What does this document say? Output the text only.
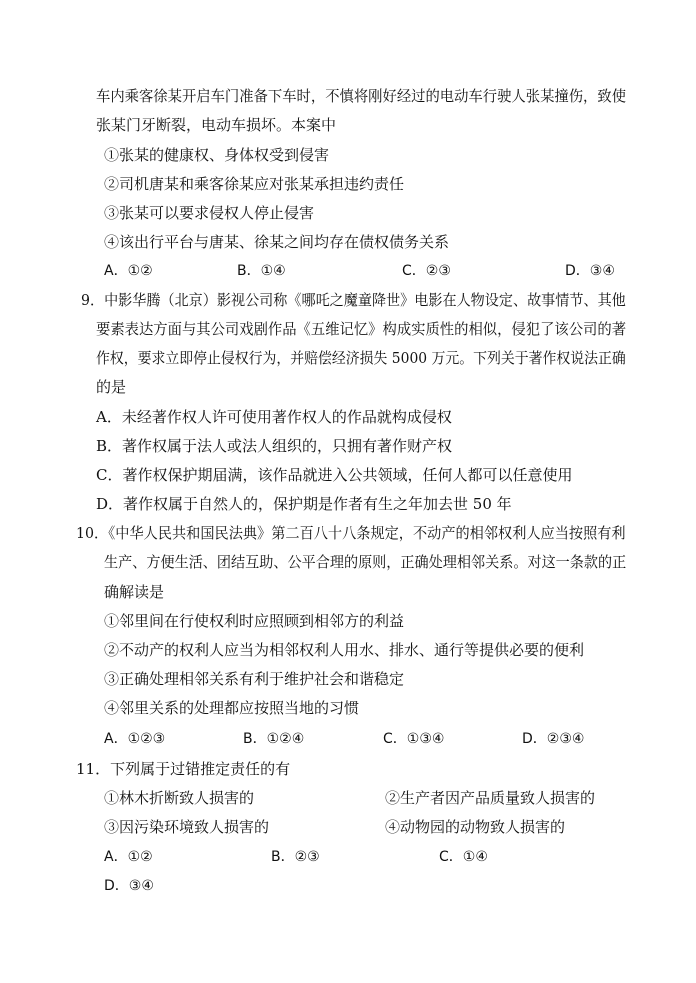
车内乘客徐某开启车门准备下车时，不慎将刚好经过的电动车行驶人张某撞伤，致使
张某门牙断裂，电动车损坏。本案中
①张某的健康权、身体权受到侵害
②司机唐某和乘客徐某应对张某承担违约责任
③张某可以要求侵权人停止侵害
④该出行平台与唐某、徐某之间均存在债权债务关系
A．①②	B．①④	C．②③	D．③④
9．中影华腾（北京）影视公司称《哪吒之魔童降世》电影在人物设定、故事情节、其他
要素表达方面与其公司戏剧作品《五维记忆》构成实质性的相似，侵犯了该公司的著
作权，要求立即停止侵权行为，并赔偿经济损失 5000 万元。下列关于著作权说法正确
的是
A．未经著作权人许可使用著作权人的作品就构成侵权
B．著作权属于法人或法人组织的，只拥有著作财产权
C．著作权保护期届满，该作品就进入公共领域，任何人都可以任意使用
D．著作权属于自然人的，保护期是作者有生之年加去世 50 年
10．《中华人民共和国民法典》第二百八十八条规定，不动产的相邻权利人应当按照有利
生产、方便生活、团结互助、公平合理的原则，正确处理相邻关系。对这一条款的正
确解读是
①邻里间在行使权利时应照顾到相邻方的利益
②不动产的权利人应当为相邻权利人用水、排水、通行等提供必要的便利
③正确处理相邻关系有利于维护社会和谐稳定
④邻里关系的处理都应按照当地的习惯
A．①②③	B．①②④	C．①③④	D．②③④
11．下列属于过错推定责任的有
①林木折断致人损害的	②生产者因产品质量致人损害的
③因污染环境致人损害的	④动物园的动物致人损害的
A．①②	B．②③	C．①④
D．③④
